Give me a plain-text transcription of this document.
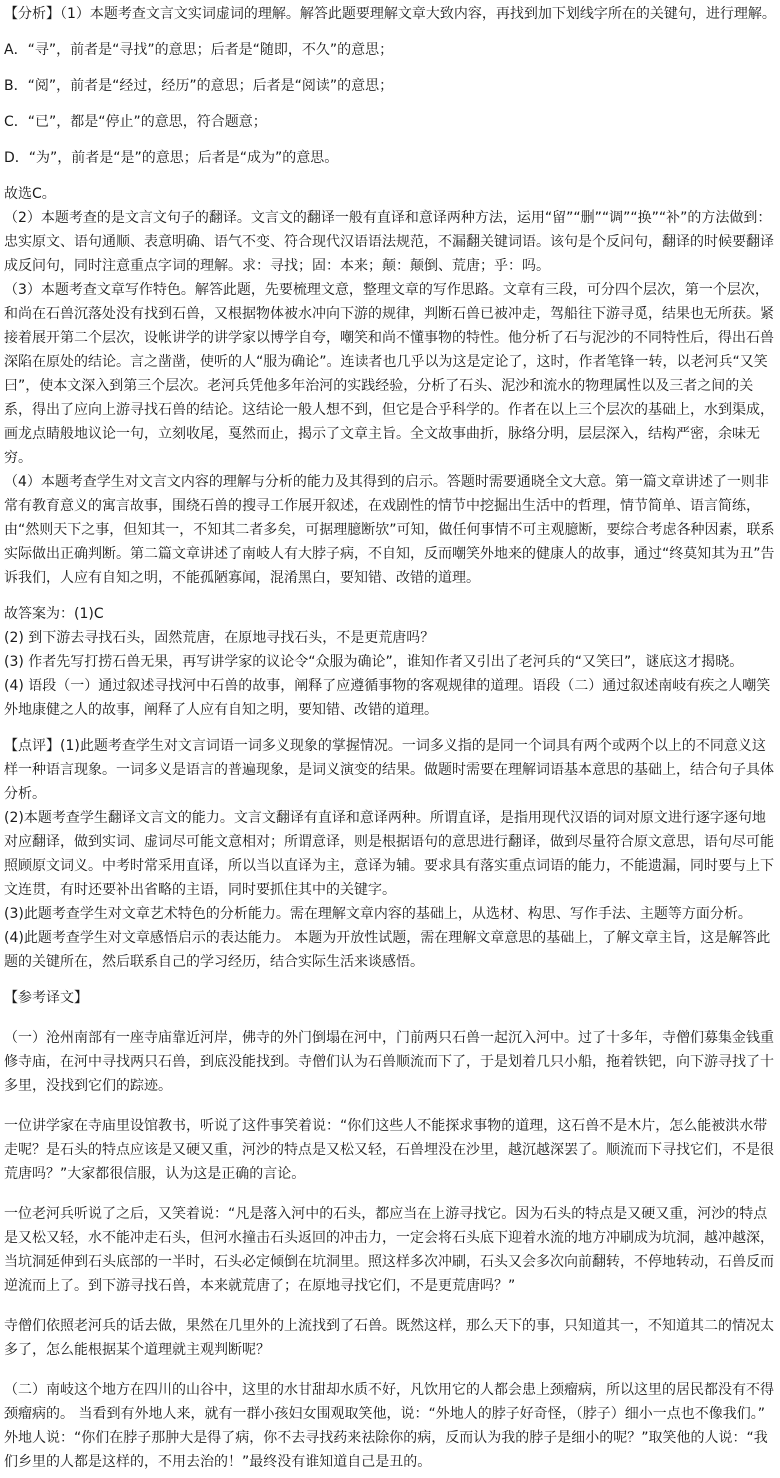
【分析】（1）本题考查文言文实词虚词的理解。解答此题要理解文章大致内容，再找到加下划线字所在的关键句，进行理解。

A．“寻”，前者是“寻找”的意思；后者是“随即，不久”的意思；

B．“阅”，前者是“经过，经历”的意思；后者是“阅读”的意思；

C．“已”，都是“停止”的意思，符合题意；

D．“为”，前者是“是”的意思；后者是“成为”的意思。

故选C。

（2）本题考查的是文言文句子的翻译。文言文的翻译一般有直译和意译两种方法，运用“留”“删”“调”“换”“补”的方法做到：忠实原文、语句通顺、表意明确、语气不变、符合现代汉语语法规范，不漏翻关键词语。该句是个反问句，翻译的时候要翻译成反问句，同时注意重点字词的理解。求：寻找；固：本来；颠：颠倒、荒唐；乎：吗。

（3）本题考查文章写作特色。解答此题，先要梳理文意，整理文章的写作思路。文章有三段，可分四个层次，第一个层次，和尚在石兽沉落处没有找到石兽，又根据物体被水冲向下游的规律，判断石兽已被冲走，驾船往下游寻觅，结果也无所获。紧接着展开第二个层次，设帐讲学的讲学家以博学自夸，嘲笑和尚不懂事物的特性。他分析了石与泥沙的不同特性后，得出石兽深陷在原处的结论。言之凿凿，使听的人“服为确论”。连读者也几乎以为这是定论了，这时，作者笔锋一转，以老河兵“又笑曰”，使本文深入到第三个层次。老河兵凭他多年治河的实践经验，分析了石头、泥沙和流水的物理属性以及三者之间的关系，得出了应向上游寻找石兽的结论。这结论一般人想不到，但它是合乎科学的。作者在以上三个层次的基础上，水到渠成，画龙点睛般地议论一句，立刻收尾，戛然而止，揭示了文章主旨。全文故事曲折，脉络分明，层层深入，结构严密，余味无穷。

（4）本题考查学生对文言文内容的理解与分析的能力及其得到的启示。答题时需要通晓全文大意。第一篇文章讲述了一则非常有教育意义的寓言故事，围绕石兽的搜寻工作展开叙述，在戏剧性的情节中挖掘出生活中的哲理，情节简单、语言简练，由“然则天下之事，但知其一，不知其二者多矣，可据理臆断欤”可知，做任何事情不可主观臆断，要综合考虑各种因素，联系实际做出正确判断。第二篇文章讲述了南岐人有大脖子病，不自知，反而嘲笑外地来的健康人的故事，通过“终莫知其为丑”告诉我们，人应有自知之明，不能孤陋寡闻，混淆黑白，要知错、改错的道理。

故答案为：(1)C

(2) 到下游去寻找石头，固然荒唐，在原地寻找石头，不是更荒唐吗？

(3) 作者先写打捞石兽无果，再写讲学家的议论令“众服为确论”，谁知作者又引出了老河兵的“又笑曰”，谜底这才揭晓。

(4) 语段（一）通过叙述寻找河中石兽的故事，阐释了应遵循事物的客观规律的道理。语段（二）通过叙述南岐有疾之人嘲笑外地康健之人的故事，阐释了人应有自知之明，要知错、改错的道理。

【点评】(1)此题考查学生对文言词语一词多义现象的掌握情况。一词多义指的是同一个词具有两个或两个以上的不同意义这样一种语言现象。一词多义是语言的普遍现象，是词义演变的结果。做题时需要在理解词语基本意思的基础上，结合句子具体分析。

(2)本题考查学生翻译文言文的能力。文言文翻译有直译和意译两种。所谓直译，是指用现代汉语的词对原文进行逐字逐句地对应翻译，做到实词、虚词尽可能文意相对；所谓意译，则是根据语句的意思进行翻译，做到尽量符合原文意思，语句尽可能照顾原文词义。中考时常采用直译，所以当以直译为主，意译为辅。要求具有落实重点词语的能力，不能遗漏，同时要与上下文连贯，有时还要补出省略的主语，同时要抓住其中的关键字。

(3)此题考查学生对文章艺术特色的分析能力。需在理解文章内容的基础上，从选材、构思、写作手法、主题等方面分析。

(4)此题考查学生对文章感悟启示的表达能力。 本题为开放性试题，需在理解文章意思的基础上，了解文章主旨，这是解答此题的关键所在，然后联系自己的学习经历，结合实际生活来谈感悟。

【参考译文】

（一）沧州南部有一座寺庙靠近河岸，佛寺的外门倒塌在河中，门前两只石兽一起沉入河中。过了十多年，寺僧们募集金钱重修寺庙，在河中寻找两只石兽，到底没能找到。寺僧们认为石兽顺流而下了，于是划着几只小船，拖着铁钯，向下游寻找了十多里，没找到它们的踪迹。

一位讲学家在寺庙里设馆教书，听说了这件事笑着说：“你们这些人不能探求事物的道理，这石兽不是木片，怎么能被洪水带走呢？是石头的特点应该是又硬又重，河沙的特点是又松又轻，石兽埋没在沙里，越沉越深罢了。顺流而下寻找它们，不是很荒唐吗？”大家都很信服，认为这是正确的言论。

一位老河兵听说了之后，又笑着说：“凡是落入河中的石头，都应当在上游寻找它。因为石头的特点是又硬又重，河沙的特点是又松又轻，水不能冲走石头，但河水撞击石头返回的冲击力，一定会将石头底下迎着水流的地方冲刷成为坑洞，越冲越深，当坑洞延伸到石头底部的一半时，石头必定倾倒在坑洞里。照这样多次冲刷，石头又会多次向前翻转，不停地转动，石兽反而逆流而上了。到下游寻找石兽，本来就荒唐了；在原地寻找它们，不是更荒唐吗？”

寺僧们依照老河兵的话去做，果然在几里外的上流找到了石兽。既然这样，那么天下的事，只知道其一，不知道其二的情况太多了，怎么能根据某个道理就主观判断呢？

（二）南岐这个地方在四川的山谷中，这里的水甘甜却水质不好，凡饮用它的人都会患上颈瘤病，所以这里的居民都没有不得颈瘤病的。 当看到有外地人来，就有一群小孩妇女围观取笑他，说：“外地人的脖子好奇怪，（脖子）细小一点也不像我们。” 外地人说：“你们在脖子那肿大是得了病，你不去寻找药来祛除你的病，反而认为我的脖子是细小的呢？”取笑他的人说：“我们乡里的人都是这样的，不用去治的！”最终没有谁知道自己是丑的。
